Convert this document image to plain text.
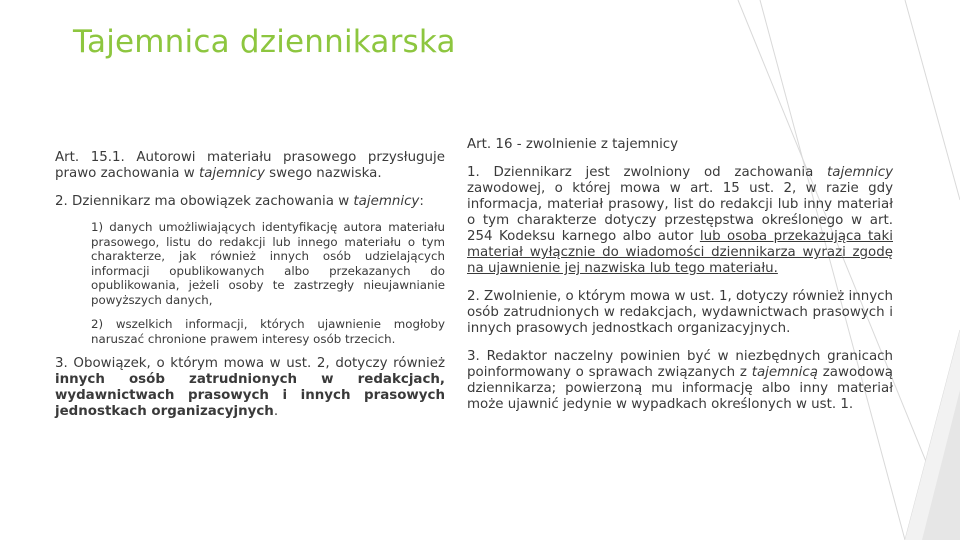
Tajemnica dziennikarska

Art. 15.1. Autorowi materiału prasowego przysługuje prawo zachowania w tajemnicy swego nazwiska.

2. Dziennikarz ma obowiązek zachowania w tajemnicy:

1) danych umożliwiających identyfikację autora materiału prasowego, listu do redakcji lub innego materiału o tym charakterze, jak również innych osób udzielających informacji opublikowanych albo przekazanych do opublikowania, jeżeli osoby te zastrzegły nieujawnianie powyższych danych,

2) wszelkich informacji, których ujawnienie mogłoby naruszać chronione prawem interesy osób trzecich.

3. Obowiązek, o którym mowa w ust. 2, dotyczy również innych osób zatrudnionych w redakcjach, wydawnictwach prasowych i innych prasowych jednostkach organizacyjnych.

Art. 16 - zwolnienie z tajemnicy

1. Dziennikarz jest zwolniony od zachowania tajemnicy zawodowej, o której mowa w art. 15 ust. 2, w razie gdy informacja, materiał prasowy, list do redakcji lub inny materiał o tym charakterze dotyczy przestępstwa określonego w art. 254 Kodeksu karnego albo autor lub osoba przekazująca taki materiał wyłącznie do wiadomości dziennikarza wyrazi zgodę na ujawnienie jej nazwiska lub tego materiału.

2. Zwolnienie, o którym mowa w ust. 1, dotyczy również innych osób zatrudnionych w redakcjach, wydawnictwach prasowych i innych prasowych jednostkach organizacyjnych.

3. Redaktor naczelny powinien być w niezbędnych granicach poinformowany o sprawach związanych z tajemnicą zawodową dziennikarza; powierzoną mu informację albo inny materiał może ujawnić jedynie w wypadkach określonych w ust. 1.
